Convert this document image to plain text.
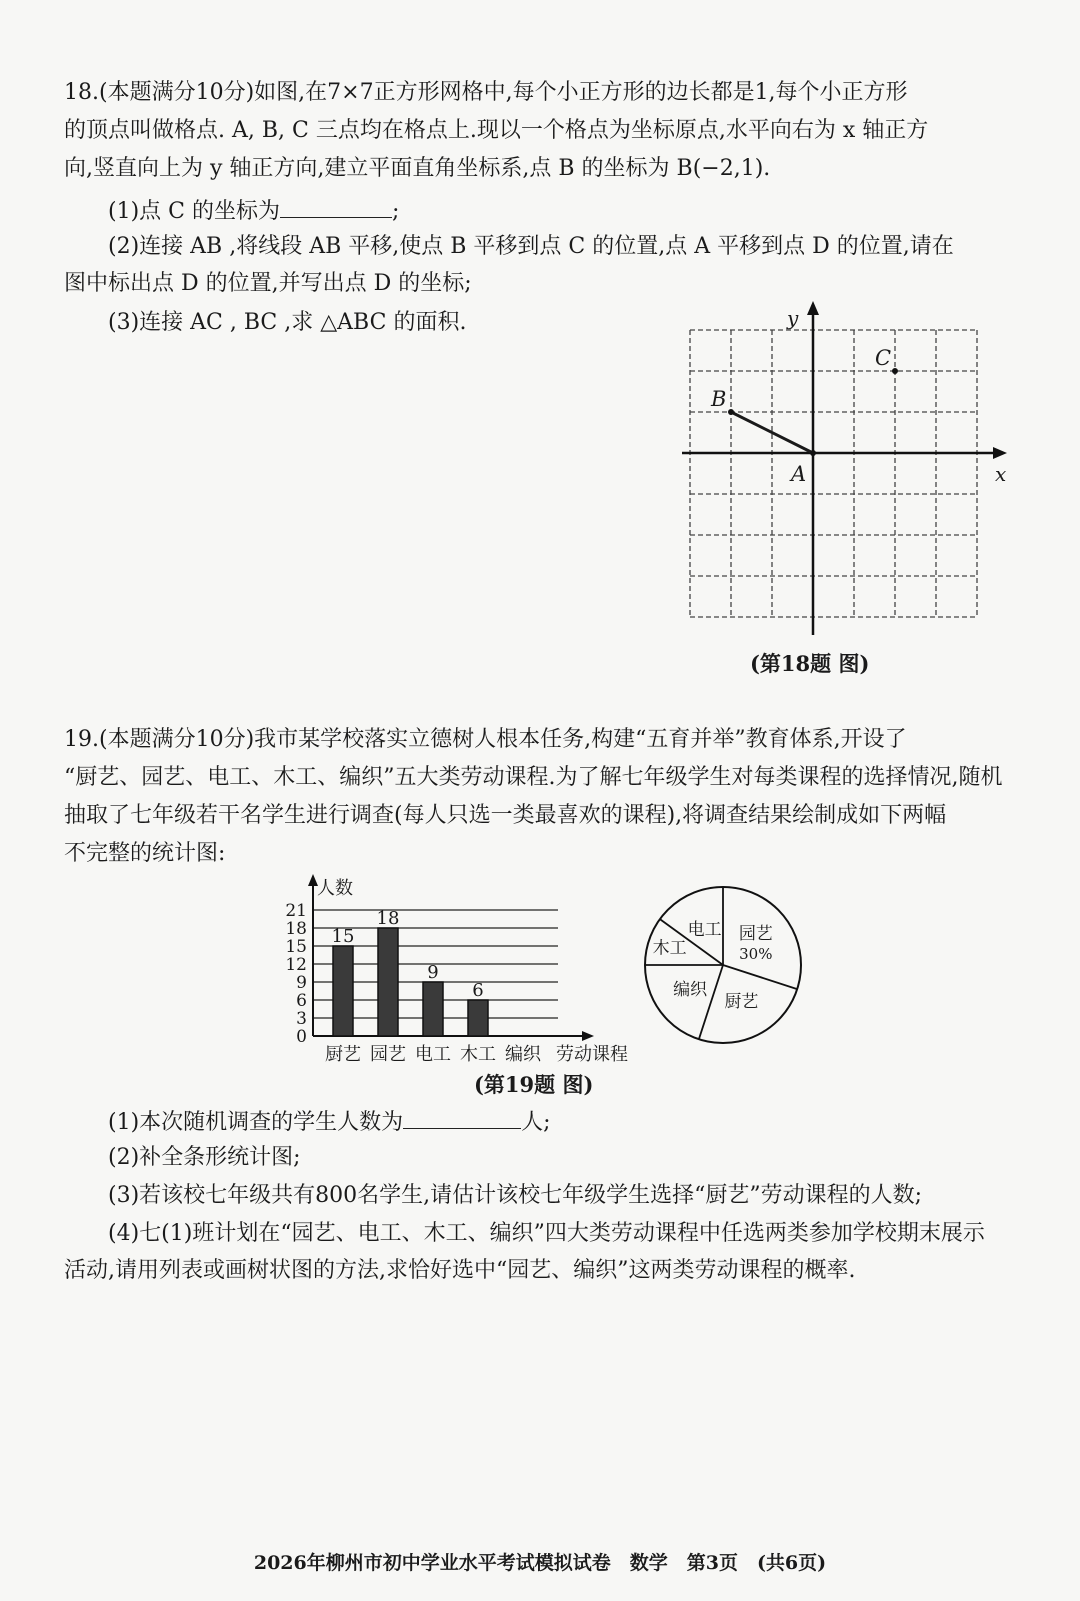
18.(本题满分10分)如图,在7×7正方形网格中,每个小正方形的边长都是1,每个小正方形
的顶点叫做格点. A, B, C 三点均在格点上.现以一个格点为坐标原点,水平向右为 x 轴正方
向,竖直向上为 y 轴正方向,建立平面直角坐标系,点 B 的坐标为 B(−2,1).
(1)点 C 的坐标为	;
(2)连接 AB ,将线段 AB 平移,使点 B 平移到点 C 的位置,点 A 平移到点 D 的位置,请在
图中标出点 D 的位置,并写出点 D 的坐标;
(3)连接 AC , BC ,求 △ABC 的面积.
x
y
A
B
C
(第18题 图)
19.(本题满分10分)我市某学校落实立德树人根本任务,构建“五育并举”教育体系,开设了
“厨艺、园艺、电工、木工、编织”五大类劳动课程.为了解七年级学生对每类课程的选择情况,随机
抽取了七年级若干名学生进行调查(每人只选一类最喜欢的课程),将调查结果绘制成如下两幅
不完整的统计图:
0
3
6
9
12
15
18
21
人数
15
厨艺
18
园艺
9
电工
6
木工 编织 劳动课程
园艺
30%
厨艺
编织
木工
电工
(第19题 图)
(1)本次随机调查的学生人数为	人;
(2)补全条形统计图;
(3)若该校七年级共有800名学生,请估计该校七年级学生选择“厨艺”劳动课程的人数;
(4)七(1)班计划在“园艺、电工、木工、编织”四大类劳动课程中任选两类参加学校期末展示
活动,请用列表或画树状图的方法,求恰好选中“园艺、编织”这两类劳动课程的概率.
2026年柳州市初中学业水平考试模拟试卷　数学　第3页　(共6页)
